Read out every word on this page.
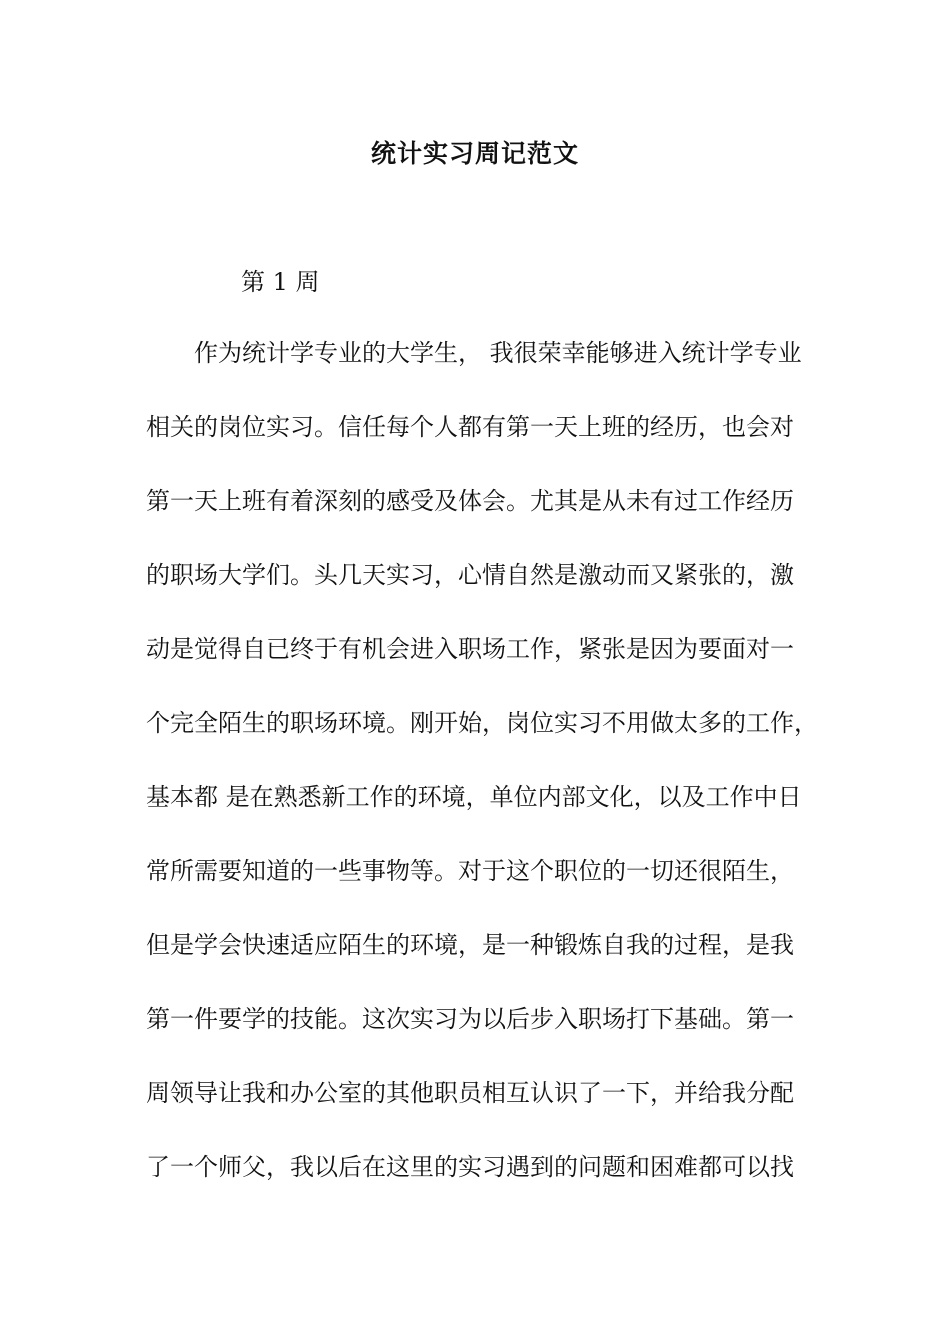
统计实习周记范文

第 1 周

作为统计学专业的大学生， 我很荣幸能够进入统计学专业
相关的岗位实习。信任每个人都有第一天上班的经历，也会对
第一天上班有着深刻的感受及体会。尤其是从未有过工作经历
的职场大学们。头几天实习，心情自然是激动而又紧张的，激
动是觉得自已终于有机会进入职场工作，紧张是因为要面对一
个完全陌生的职场环境。刚开始，岗位实习不用做太多的工作，
基本都 是在熟悉新工作的环境，单位内部文化，以及工作中日
常所需要知道的一些事物等。对于这个职位的一切还很陌生，
但是学会快速适应陌生的环境，是一种锻炼自我的过程，是我
第一件要学的技能。这次实习为以后步入职场打下基础。第一
周领导让我和办公室的其他职员相互认识了一下，并给我分配
了一个师父，我以后在这里的实习遇到的问题和困难都可以找
